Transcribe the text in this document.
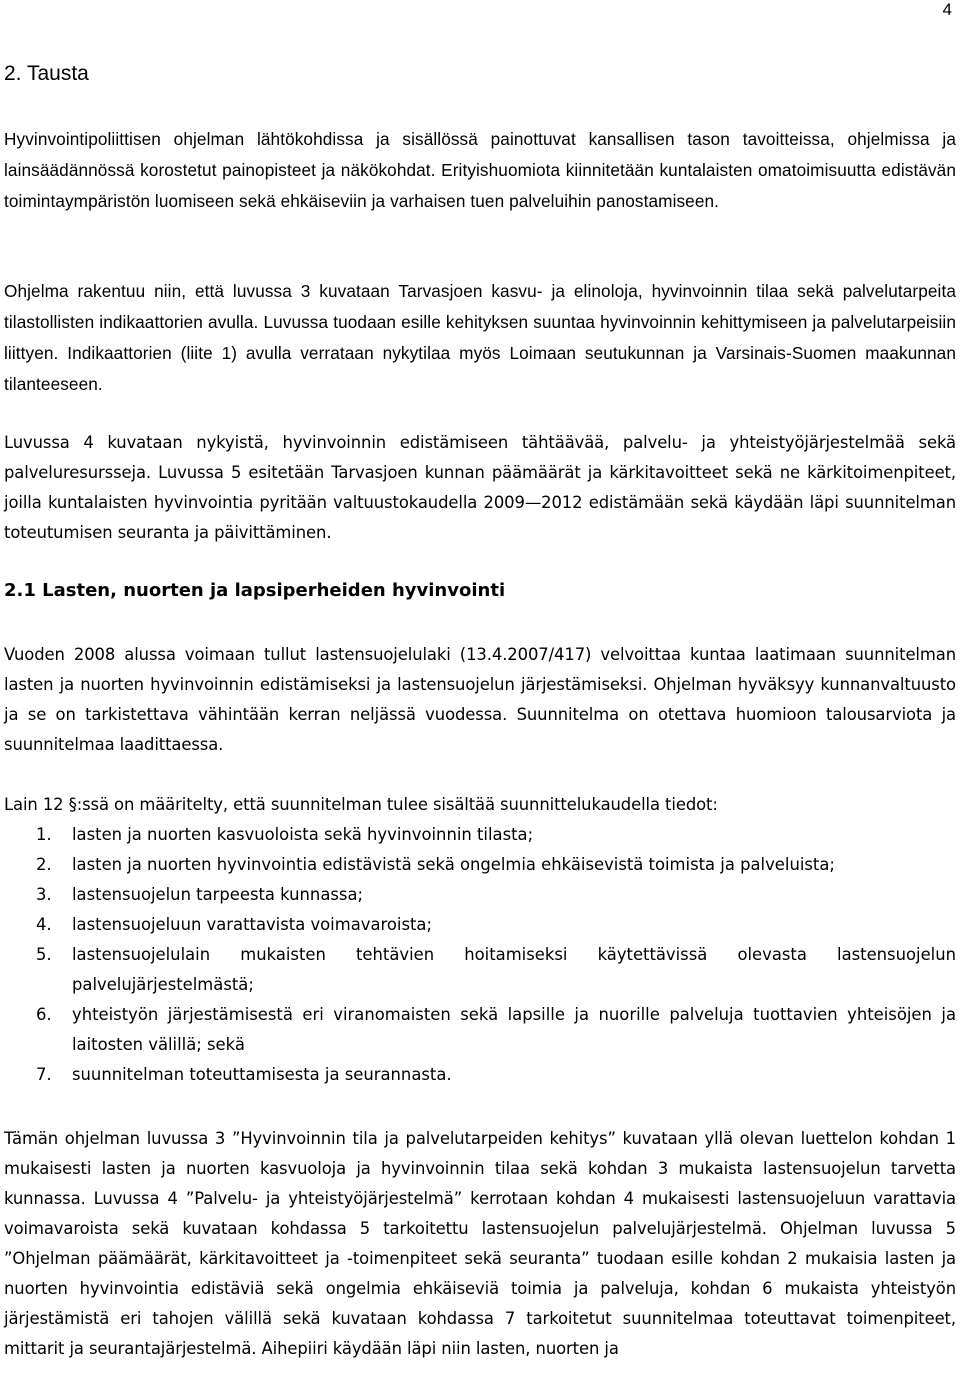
4
2. Tausta

Hyvinvointipoliittisen ohjelman lähtökohdissa ja sisällössä painottuvat kansallisen tason tavoitteissa, ohjelmissa ja lainsäädännössä korostetut painopisteet ja näkökohdat. Erityishuomiota kiinnitetään kuntalaisten omatoimisuutta edistävän toimintaympäristön luomiseen sekä ehkäiseviin ja varhaisen tuen palveluihin panostamiseen.

Ohjelma rakentuu niin, että luvussa 3 kuvataan Tarvasjoen kasvu- ja elinoloja, hyvinvoinnin tilaa sekä palvelutarpeita tilastollisten indikaattorien avulla. Luvussa tuodaan esille kehityksen suuntaa hyvinvoinnin kehittymiseen ja palvelutarpeisiin liittyen. Indikaattorien (liite 1) avulla verrataan nykytilaa myös Loimaan seutukunnan ja Varsinais-Suomen maakunnan tilanteeseen.

Luvussa 4 kuvataan nykyistä, hyvinvoinnin edistämiseen tähtäävää, palvelu- ja yhteistyöjärjestelmää sekä palveluresursseja. Luvussa 5 esitetään Tarvasjoen kunnan päämäärät ja kärkitavoitteet sekä ne kärkitoimenpiteet, joilla kuntalaisten hyvinvointia pyritään valtuustokaudella 2009—2012 edistämään sekä käydään läpi suunnitelman toteutumisen seuranta ja päivittäminen.

2.1 Lasten, nuorten ja lapsiperheiden hyvinvointi

Vuoden 2008 alussa voimaan tullut lastensuojelulaki (13.4.2007/417) velvoittaa kuntaa laatimaan suunnitelman lasten ja nuorten hyvinvoinnin edistämiseksi ja lastensuojelun järjestämiseksi. Ohjelman hyväksyy kunnanvaltuusto ja se on tarkistettava vähintään kerran neljässä vuodessa. Suunnitelma on otettava huomioon talousarviota ja suunnitelmaa laadittaessa.

Lain 12 §:ssä on määritelty, että suunnitelman tulee sisältää suunnittelukaudella tiedot:

1. lasten ja nuorten kasvuoloista sekä hyvinvoinnin tilasta;
2. lasten ja nuorten hyvinvointia edistävistä sekä ongelmia ehkäisevistä toimista ja palveluista;
3. lastensuojelun tarpeesta kunnassa;
4. lastensuojeluun varattavista voimavaroista;
5. lastensuojelulain mukaisten tehtävien hoitamiseksi käytettävissä olevasta lastensuojelun palvelujärjestelmästä;
6. yhteistyön järjestämisestä eri viranomaisten sekä lapsille ja nuorille palveluja tuottavien yhteisöjen ja laitosten välillä; sekä
7. suunnitelman toteuttamisesta ja seurannasta.

Tämän ohjelman luvussa 3 ”Hyvinvoinnin tila ja palvelutarpeiden kehitys” kuvataan yllä olevan luettelon kohdan 1 mukaisesti lasten ja nuorten kasvuoloja ja hyvinvoinnin tilaa sekä kohdan 3 mukaista lastensuojelun tarvetta kunnassa. Luvussa 4 ”Palvelu- ja yhteistyöjärjestelmä” kerrotaan kohdan 4 mukaisesti lastensuojeluun varattavia voimavaroista sekä kuvataan kohdassa 5 tarkoitettu lastensuojelun palvelujärjestelmä. Ohjelman luvussa 5 ”Ohjelman päämäärät, kärkitavoitteet ja -toimenpiteet sekä seuranta” tuodaan esille kohdan 2 mukaisia lasten ja nuorten hyvinvointia edistäviä sekä ongelmia ehkäiseviä toimia ja palveluja, kohdan 6 mukaista yhteistyön järjestämistä eri tahojen välillä sekä kuvataan kohdassa 7 tarkoitetut suunnitelmaa toteuttavat toimenpiteet, mittarit ja seurantajärjestelmä. Aihepiiri käydään läpi niin lasten, nuorten ja
